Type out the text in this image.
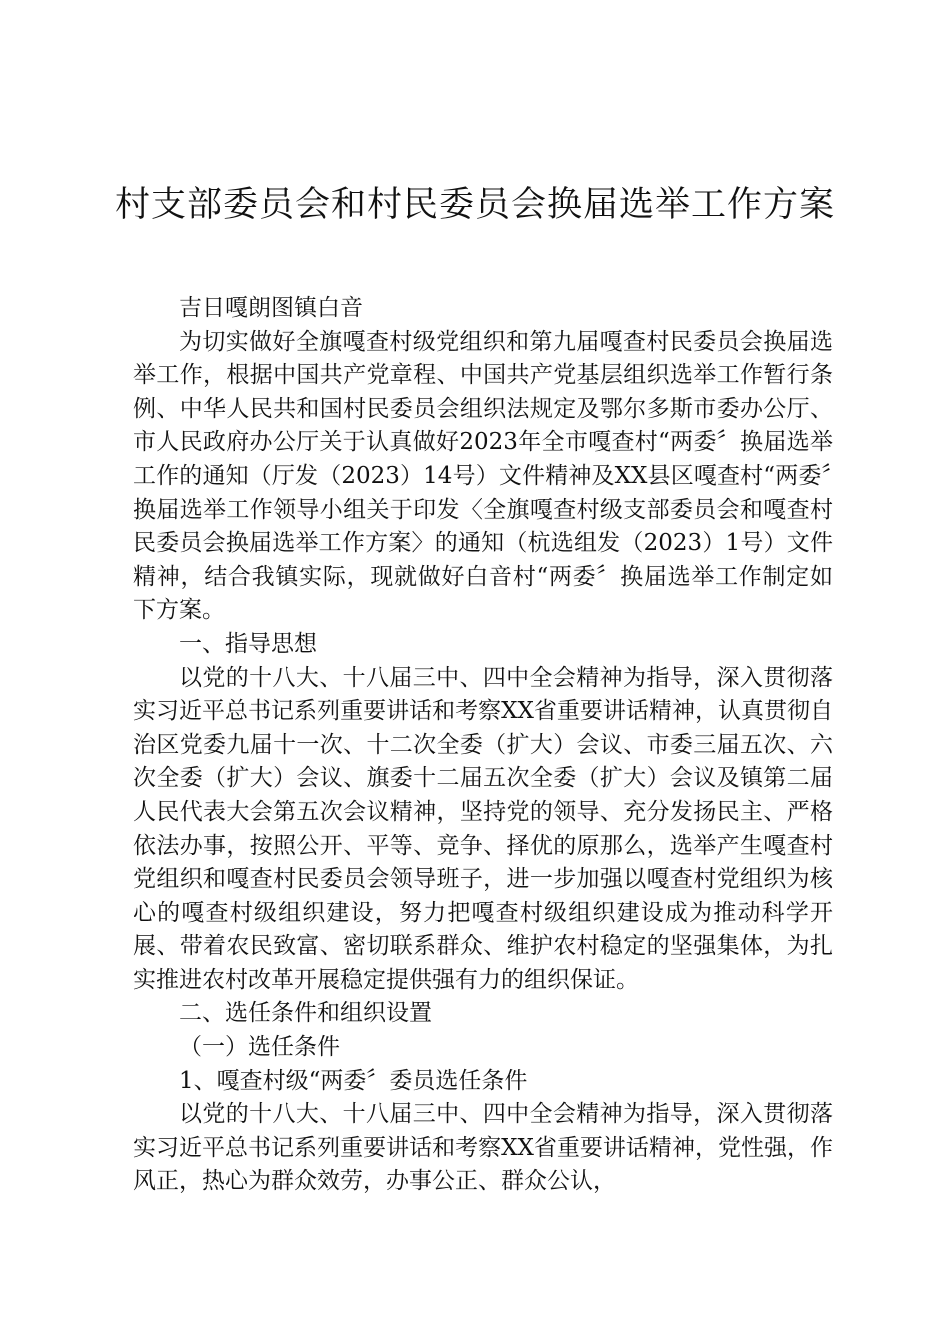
村支部委员会和村民委员会换届选举工作方案

吉日嘎朗图镇白音

为切实做好全旗嘎查村级党组织和第九届嘎查村民委员会换届选举工作，根据中国共产党章程、中国共产党基层组织选举工作暂行条例、中华人民共和国村民委员会组织法规定及鄂尔多斯市委办公厅、市人民政府办公厅关于认真做好2023年全市嘎查村“两委〞换届选举工作的通知（厅发（2023）14号）文件精神及XX县区嘎查村“两委〞换届选举工作领导小组关于印发〈全旗嘎查村级支部委员会和嘎查村民委员会换届选举工作方案〉的通知（杭选组发（2023）1号）文件精神，结合我镇实际，现就做好白音村“两委〞换届选举工作制定如下方案。

一、指导思想

以党的十八大、十八届三中、四中全会精神为指导，深入贯彻落实习近平总书记系列重要讲话和考察XX省重要讲话精神，认真贯彻自治区党委九届十一次、十二次全委（扩大）会议、市委三届五次、六次全委（扩大）会议、旗委十二届五次全委（扩大）会议及镇第二届人民代表大会第五次会议精神，坚持党的领导、充分发扬民主、严格依法办事，按照公开、平等、竞争、择优的原那么，选举产生嘎查村党组织和嘎查村民委员会领导班子，进一步加强以嘎查村党组织为核心的嘎查村级组织建设，努力把嘎查村级组织建设成为推动科学开展、带着农民致富、密切联系群众、维护农村稳定的坚强集体，为扎实推进农村改革开展稳定提供强有力的组织保证。

二、选任条件和组织设置

（一）选任条件

1、嘎查村级“两委〞委员选任条件

以党的十八大、十八届三中、四中全会精神为指导，深入贯彻落实习近平总书记系列重要讲话和考察XX省重要讲话精神，党性强，作风正，热心为群众效劳，办事公正、群众公认，
